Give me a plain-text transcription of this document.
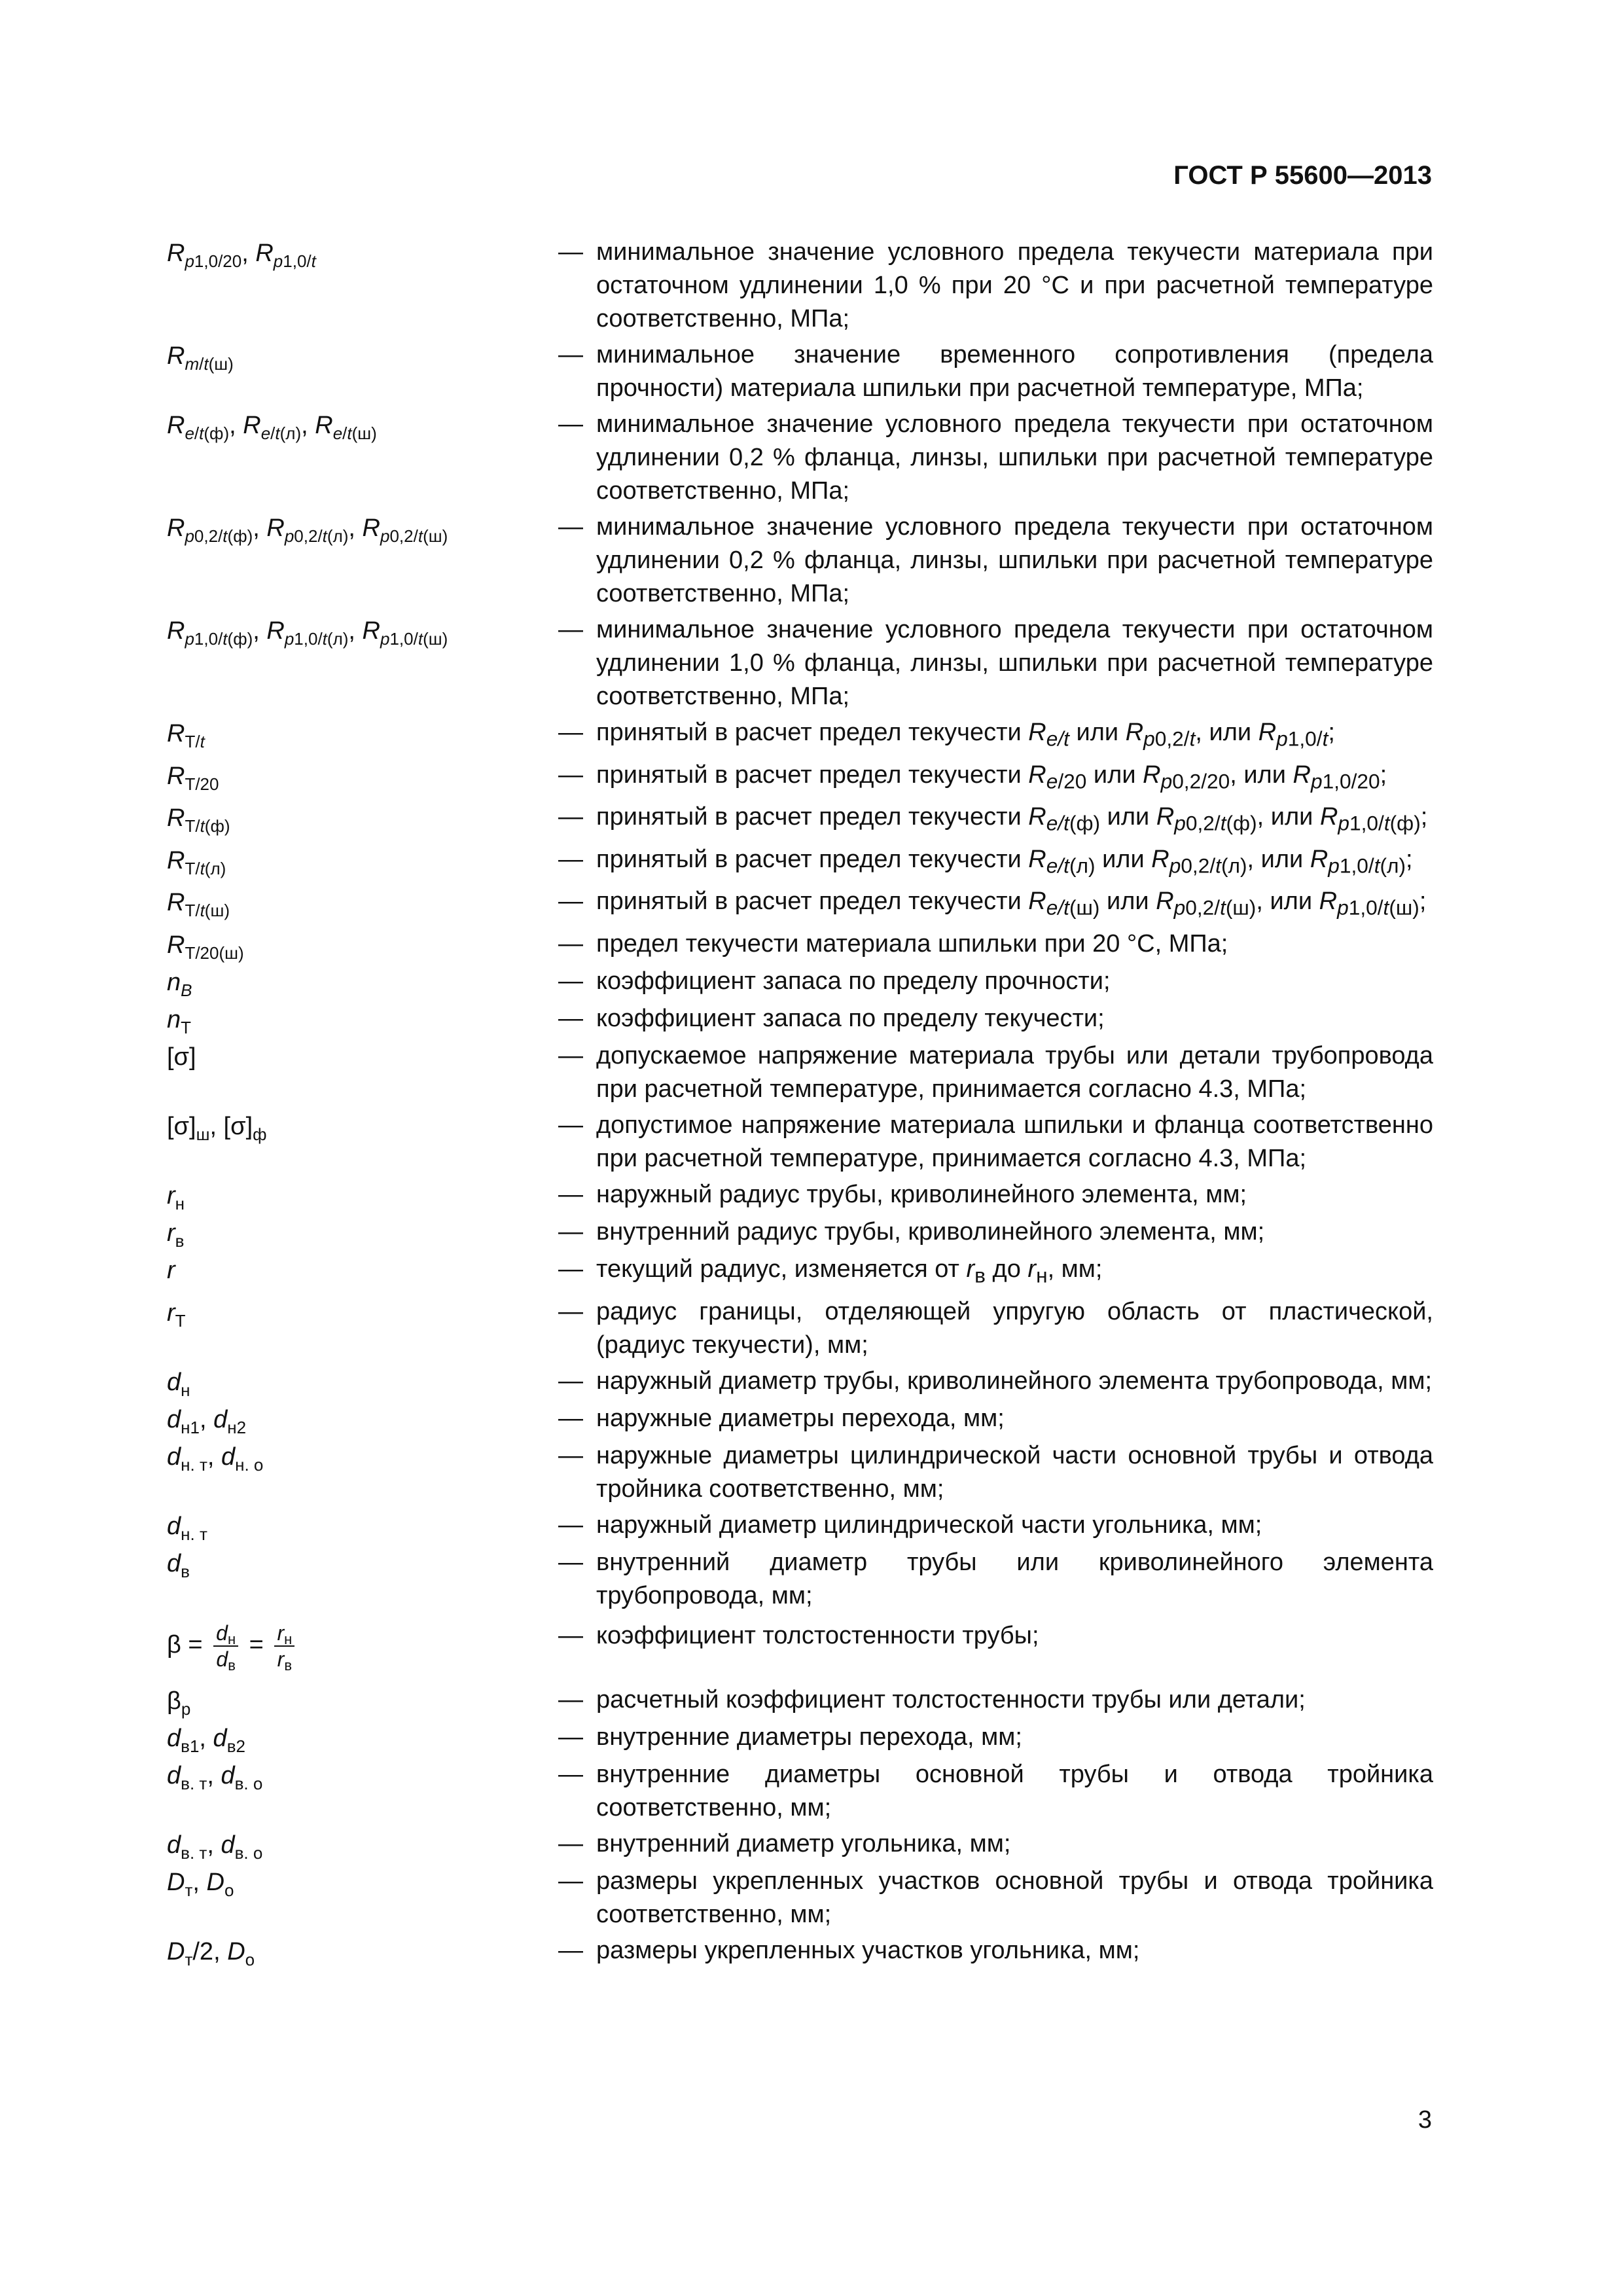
ГОСТ Р 55600—2013
$R_{p1,0/20}$, $R_{p1,0/t}$	— минимальное значение условного предела текучести материала при остаточном удлинении 1,0 % при 20 °С и при расчетной температуре соответственно, МПа;
$R_{m/t(ш)}$	— минимальное значение временного сопротивления (предела прочности) материала шпильки при расчетной температуре, МПа;
$R_{e/t(ф)}$, $R_{e/t(л)}$, $R_{e/t(ш)}$	— минимальное значение условного предела текучести при остаточном удлинении 0,2 % фланца, линзы, шпильки при расчетной температуре соответственно, МПа;
$R_{p0,2/t(ф)}$, $R_{p0,2/t(л)}$, $R_{p0,2/t(ш)}$	— минимальное значение условного предела текучести при остаточном удлинении 0,2 % фланца, линзы, шпильки при расчетной температуре соответственно, МПа;
$R_{p1,0/t(ф)}$, $R_{p1,0/t(л)}$, $R_{p1,0/t(ш)}$	— минимальное значение условного предела текучести при остаточном удлинении 1,0 % фланца, линзы, шпильки при расчетной температуре соответственно, МПа;
$R_{Т/t}$	— принятый в расчет предел текучести $R_{e/t}$ или $R_{p0,2/t}$, или $R_{p1,0/t}$;
$R_{Т/20}$	— принятый в расчет предел текучести $R_{e/20}$ или $R_{p0,2/20}$, или $R_{p1,0/20}$;
$R_{Т/t(ф)}$	— принятый в расчет предел текучести $R_{e/t(ф)}$ или $R_{p0,2/t(ф)}$, или $R_{p1,0/t(ф)}$;
$R_{Т/t(л)}$	— принятый в расчет предел текучести $R_{e/t(л)}$ или $R_{p0,2/t(л)}$, или $R_{p1,0/t(л)}$;
$R_{Т/t(ш)}$	— принятый в расчет предел текучести $R_{e/t(ш)}$ или $R_{p0,2/t(ш)}$, или $R_{p1,0/t(ш)}$;
$R_{Т/20(ш)}$	— предел текучести материала шпильки при 20 °С, МПа;
$n_B$	— коэффициент запаса по пределу прочности;
$n_Т$	— коэффициент запаса по пределу текучести;
[σ]	— допускаемое напряжение материала трубы или детали трубопровода при расчетной температуре, принимается согласно 4.3, МПа;
$[\sigma]_ш$, $[\sigma]_ф$	— допустимое напряжение материала шпильки и фланца соответственно при расчетной температуре, принимается согласно 4.3, МПа;
$r_н$	— наружный радиус трубы, криволинейного элемента, мм;
$r_в$	— внутренний радиус трубы, криволинейного элемента, мм;
r	— текущий радиус, изменяется от $r_в$ до $r_н$, мм;
$r_Т$	— радиус границы, отделяющей упругую область от пластической, (радиус текучести), мм;
$d_н$	— наружный диаметр трубы, криволинейного элемента трубопровода, мм;
$d_{н1}$, $d_{н2}$	— наружные диаметры перехода, мм;
$d_{н. т}$, $d_{н. о}$	— наружные диаметры цилиндрической части основной трубы и отвода тройника соответственно, мм;
$d_{н. т}$	— наружный диаметр цилиндрической части угольника, мм;
$d_в$	— внутренний диаметр трубы или криволинейного элемента трубопровода, мм;
$\beta = \frac{d_н}{d_в} = \frac{r_н}{r_в}$	— коэффициент толстостенности трубы;
$\beta_р$	— расчетный коэффициент толстостенности трубы или детали;
$d_{в1}$, $d_{в2}$	— внутренние диаметры перехода, мм;
$d_{в. т}$, $d_{в. о}$	— внутренние диаметры основной трубы и отвода тройника соответственно, мм;
$d_{в. т}$, $d_{в. о}$	— внутренний диаметр угольника, мм;
$D_т$, $D_о$	— размеры укрепленных участков основной трубы и отвода тройника соответственно, мм;
$D_т/2$, $D_о$	— размеры укрепленных участков угольника, мм;
3
